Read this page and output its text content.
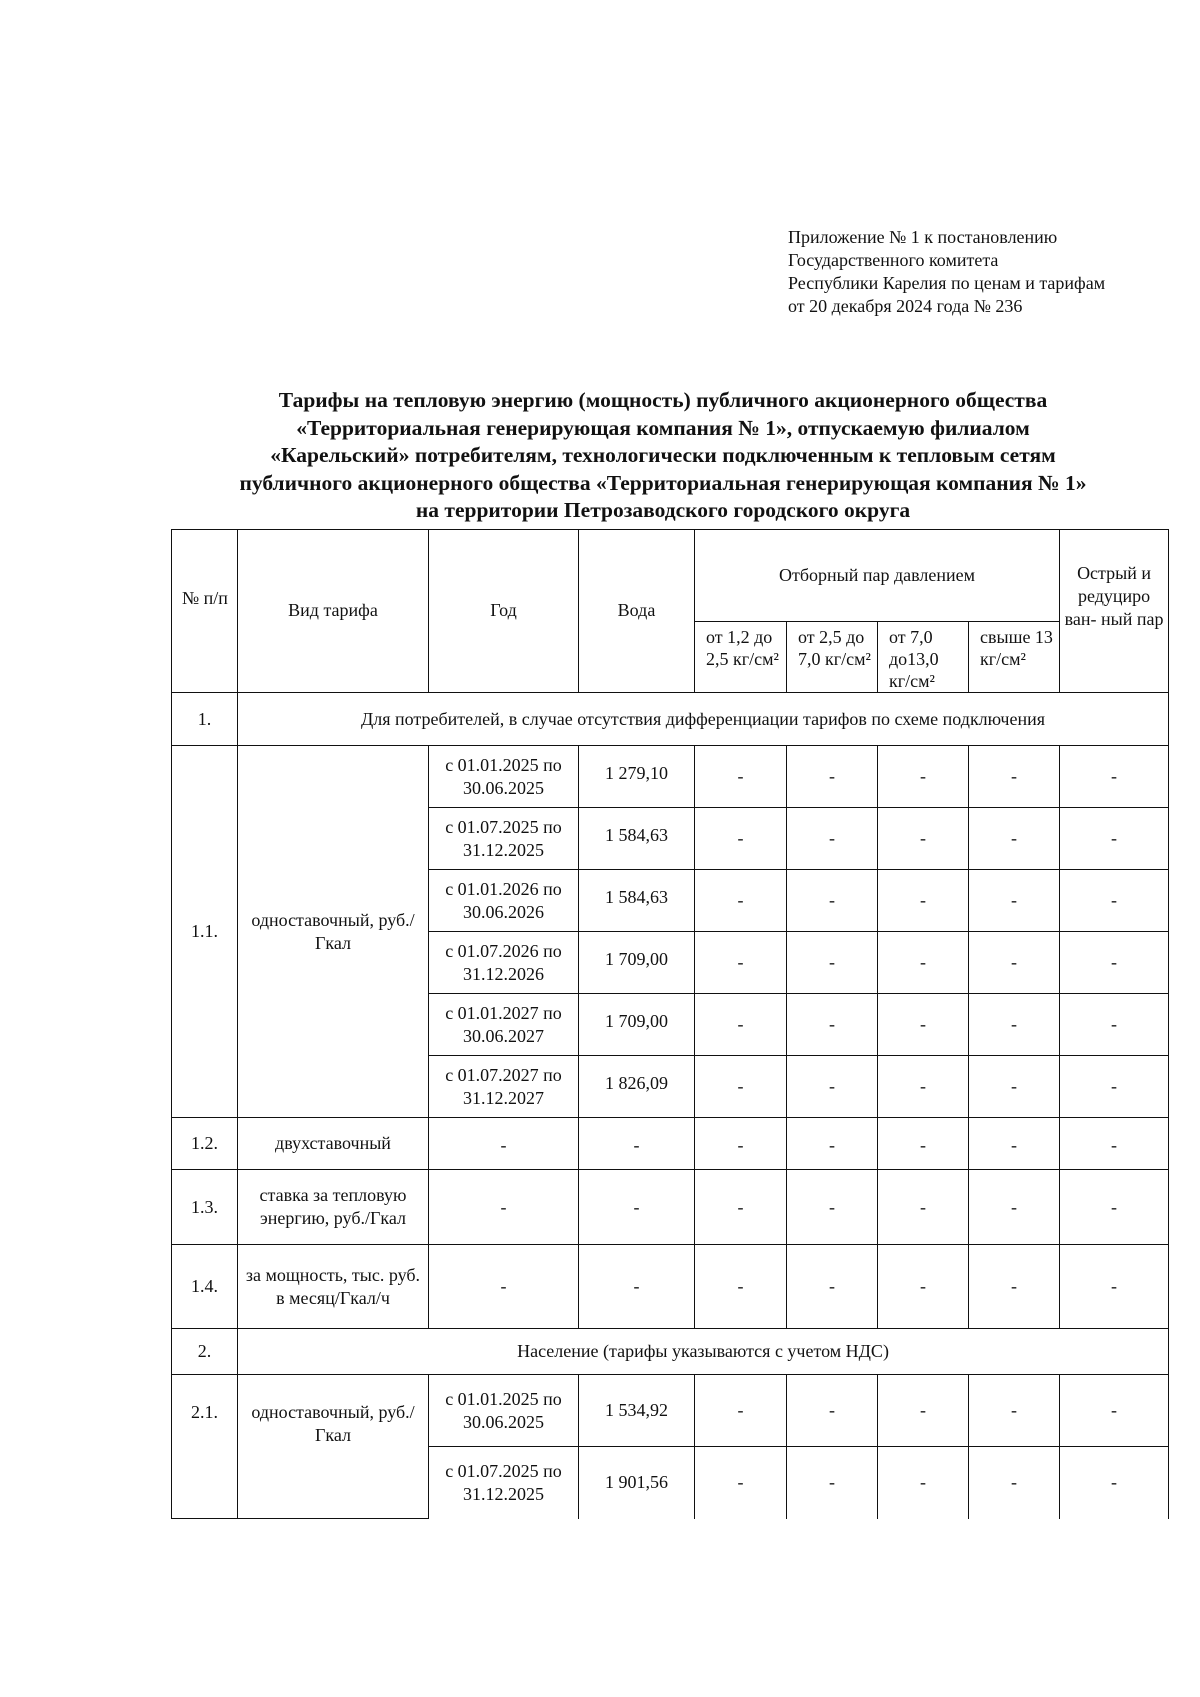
Приложение № 1 к постановлению
Государственного комитета
Республики Карелия по ценам и тарифам
от 20 декабря 2024 года № 236
Тарифы на тепловую энергию (мощность) публичного акционерного общества
«Территориальная генерирующая компания № 1», отпускаемую филиалом
«Карельский» потребителям, технологически подключенным к тепловым сетям
публичного акционерного общества «Территориальная генерирующая компания № 1»
на территории Петрозаводского городского округа
№ п/п	Вид тарифа	Год	Вода	Отборный пар давлением				Острый и редуциро ван- ный пар
				от 1,2 до 2,5 кг/см²	от 2,5 до 7,0 кг/см²	от 7,0 до13,0 кг/см²	свыше 13 кг/см²	
1.	Для потребителей, в случае отсутствия дифференциации тарифов по схеме подключения							
1.1.	одноставочный, руб./Гкал	с 01.01.2025 по 30.06.2025	1 279,10	-	-	-	-	-
		с 01.07.2025 по 31.12.2025	1 584,63	-	-	-	-	-
		с 01.01.2026 по 30.06.2026	1 584,63	-	-	-	-	-
		с 01.07.2026 по 31.12.2026	1 709,00	-	-	-	-	-
		с 01.01.2027 по 30.06.2027	1 709,00	-	-	-	-	-
		с 01.07.2027 по 31.12.2027	1 826,09	-	-	-	-	-
1.2.	двухставочный	-	-	-	-	-	-	-
1.3.	ставка за тепловую энергию, руб./Гкал	-	-	-	-	-	-	-
1.4.	за мощность, тыс. руб. в месяц/Гкал/ч	-	-	-	-	-	-	-
2.	Население (тарифы указываются с учетом НДС)							
2.1.	одноставочный, руб./Гкал	с 01.01.2025 по 30.06.2025	1 534,92	-	-	-	-	-
		с 01.07.2025 по 31.12.2025	1 901,56	-	-	-	-	-
